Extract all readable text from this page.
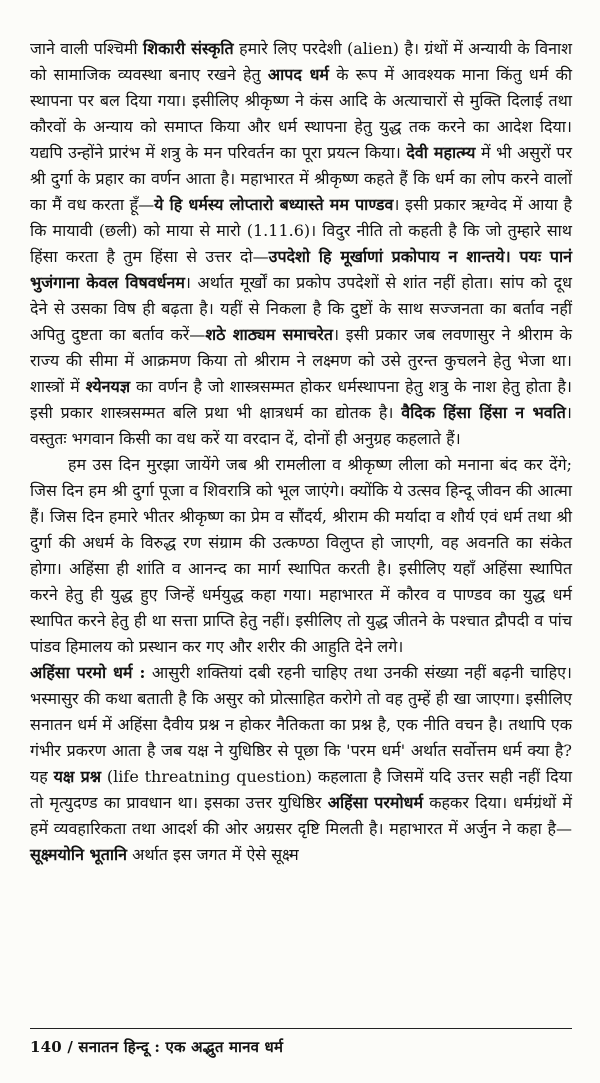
जाने वाली पश्चिमी शिकारी संस्कृति हमारे लिए परदेशी (alien) है। ग्रंथों में अन्यायी के विनाश को सामाजिक व्यवस्था बनाए रखने हेतु आपद धर्म के रूप में आवश्यक माना किंतु धर्म की स्थापना पर बल दिया गया। इसीलिए श्रीकृष्ण ने कंस आदि के अत्याचारों से मुक्ति दिलाई तथा कौरवों के अन्याय को समाप्त किया और धर्म स्थापना हेतु युद्ध तक करने का आदेश दिया। यद्यपि उन्होंने प्रारंभ में शत्रु के मन परिवर्तन का पूरा प्रयत्न किया। देवी महात्म्य में भी असुरों पर श्री दुर्गा के प्रहार का वर्णन आता है। महाभारत में श्रीकृष्ण कहते हैं कि धर्म का लोप करने वालों का मैं वध करता हूँ—ये हि धर्मस्य लोप्तारो बध्यास्ते मम पाण्डव। इसी प्रकार ऋग्वेद में आया है कि मायावी (छली) को माया से मारो (1.11.6)। विदुर नीति तो कहती है कि जो तुम्हारे साथ हिंसा करता है तुम हिंसा से उत्तर दो—उपदेशो हि मूर्खाणां प्रकोपाय न शान्तये। पयः पानं भुजंगाना केवल विषवर्धनम। अर्थात मूर्खों का प्रकोप उपदेशों से शांत नहीं होता। सांप को दूध देने से उसका विष ही बढ़ता है। यहीं से निकला है कि दुष्टों के साथ सज्जनता का बर्ताव नहीं अपितु दुष्टता का बर्ताव करें—शठे शाठ्यम समाचरेत। इसी प्रकार जब लवणासुर ने श्रीराम के राज्य की सीमा में आक्रमण किया तो श्रीराम ने लक्ष्मण को उसे तुरन्त कुचलने हेतु भेजा था। शास्त्रों में श्येनयज्ञ का वर्णन है जो शास्त्रसम्मत होकर धर्मस्थापना हेतु शत्रु के नाश हेतु होता है। इसी प्रकार शास्त्रसम्मत बलि प्रथा भी क्षात्रधर्म का द्योतक है। वैदिक हिंसा हिंसा न भवति। वस्तुतः भगवान किसी का वध करें या वरदान दें, दोनों ही अनुग्रह कहलाते हैं।

हम उस दिन मुरझा जायेंगे जब श्री रामलीला व श्रीकृष्ण लीला को मनाना बंद कर देंगे; जिस दिन हम श्री दुर्गा पूजा व शिवरात्रि को भूल जाएंगे। क्योंकि ये उत्सव हिन्दू जीवन की आत्मा हैं। जिस दिन हमारे भीतर श्रीकृष्ण का प्रेम व सौंदर्य, श्रीराम की मर्यादा व शौर्य एवं धर्म तथा श्री दुर्गा की अधर्म के विरुद्ध रण संग्राम की उत्कण्ठा विलुप्त हो जाएगी, वह अवनति का संकेत होगा। अहिंसा ही शांति व आनन्द का मार्ग स्थापित करती है। इसीलिए यहाँ अहिंसा स्थापित करने हेतु ही युद्ध हुए जिन्हें धर्मयुद्ध कहा गया। महाभारत में कौरव व पाण्डव का युद्ध धर्म स्थापित करने हेतु ही था सत्ता प्राप्ति हेतु नहीं। इसीलिए तो युद्ध जीतने के पश्चात द्रौपदी व पांच पांडव हिमालय को प्रस्थान कर गए और शरीर की आहुति देने लगे।

अहिंसा परमो धर्म : आसुरी शक्तियां दबी रहनी चाहिए तथा उनकी संख्या नहीं बढ़नी चाहिए। भस्मासुर की कथा बताती है कि असुर को प्रोत्साहित करोगे तो वह तुम्हें ही खा जाएगा। इसीलिए सनातन धर्म में अहिंसा दैवीय प्रश्न न होकर नैतिकता का प्रश्न है, एक नीति वचन है। तथापि एक गंभीर प्रकरण आता है जब यक्ष ने युधिष्ठिर से पूछा कि 'परम धर्म' अर्थात सर्वोत्तम धर्म क्या है? यह यक्ष प्रश्न (life threatning question) कहलाता है जिसमें यदि उत्तर सही नहीं दिया तो मृत्युदण्ड का प्रावधान था। इसका उत्तर युधिष्ठिर अहिंसा परमोधर्म कहकर दिया। धर्मग्रंथों में हमें व्यवहारिकता तथा आदर्श की ओर अग्रसर दृष्टि मिलती है। महाभारत में अर्जुन ने कहा है—सूक्ष्मयोनि भूतानि अर्थात इस जगत में ऐसे सूक्ष्म

140 / सनातन हिन्दू : एक अद्भुत मानव धर्म
